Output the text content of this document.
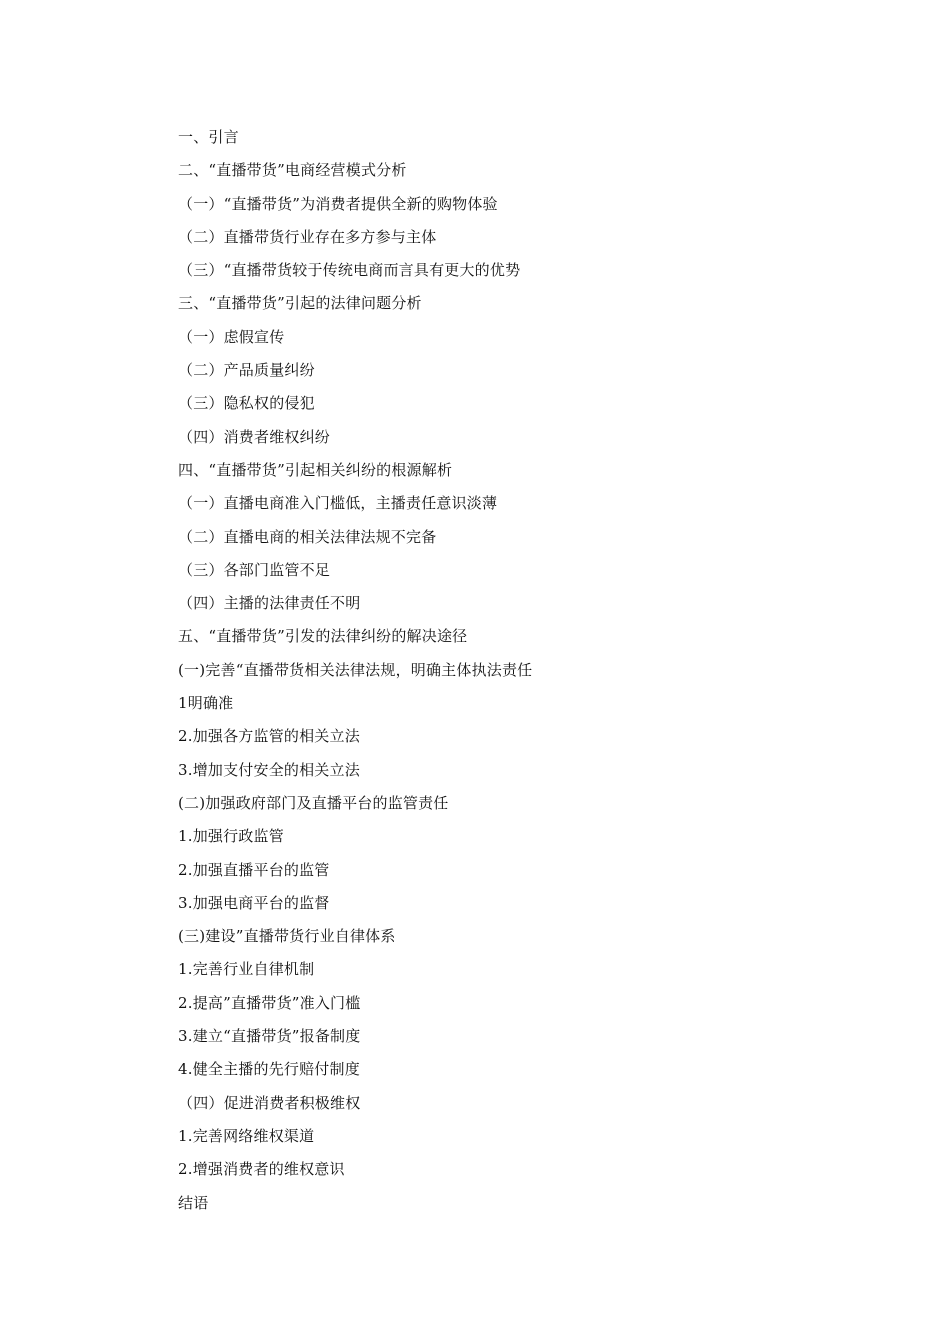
一、引言
二、“直播带货”电商经营模式分析
（一）“直播带货”为消费者提供全新的购物体验
（二）直播带货行业存在多方参与主体
（三）“直播带货较于传统电商而言具有更大的优势
三、“直播带货”引起的法律问题分析
（一）虑假宣传
（二）产品质量纠纷
（三）隐私权的侵犯
（四）消费者维权纠纷
四、“直播带货”引起相关纠纷的根源解析
（一）直播电商准入门槛低，主播责任意识淡薄
（二）直播电商的相关法律法规不完备
（三）各部门监管不足
（四）主播的法律责任不明
五、“直播带货”引发的法律纠纷的解决途径
(一)完善“直播带货相关法律法规，明确主体执法责任
1明确准
2.加强各方监管的相关立法
3.增加支付安全的相关立法
(二)加强政府部门及直播平台的监管责任
1.加强行政监管
2.加强直播平台的监管
3.加强电商平台的监督
(三)建设”直播带货行业自律体系
1.完善行业自律机制
2.提高”直播带货”准入门槛
3.建立“直播带货”报备制度
4.健全主播的先行赔付制度
（四）促进消费者积极维权
1.完善网络维权渠道
2.增强消费者的维权意识
结语
